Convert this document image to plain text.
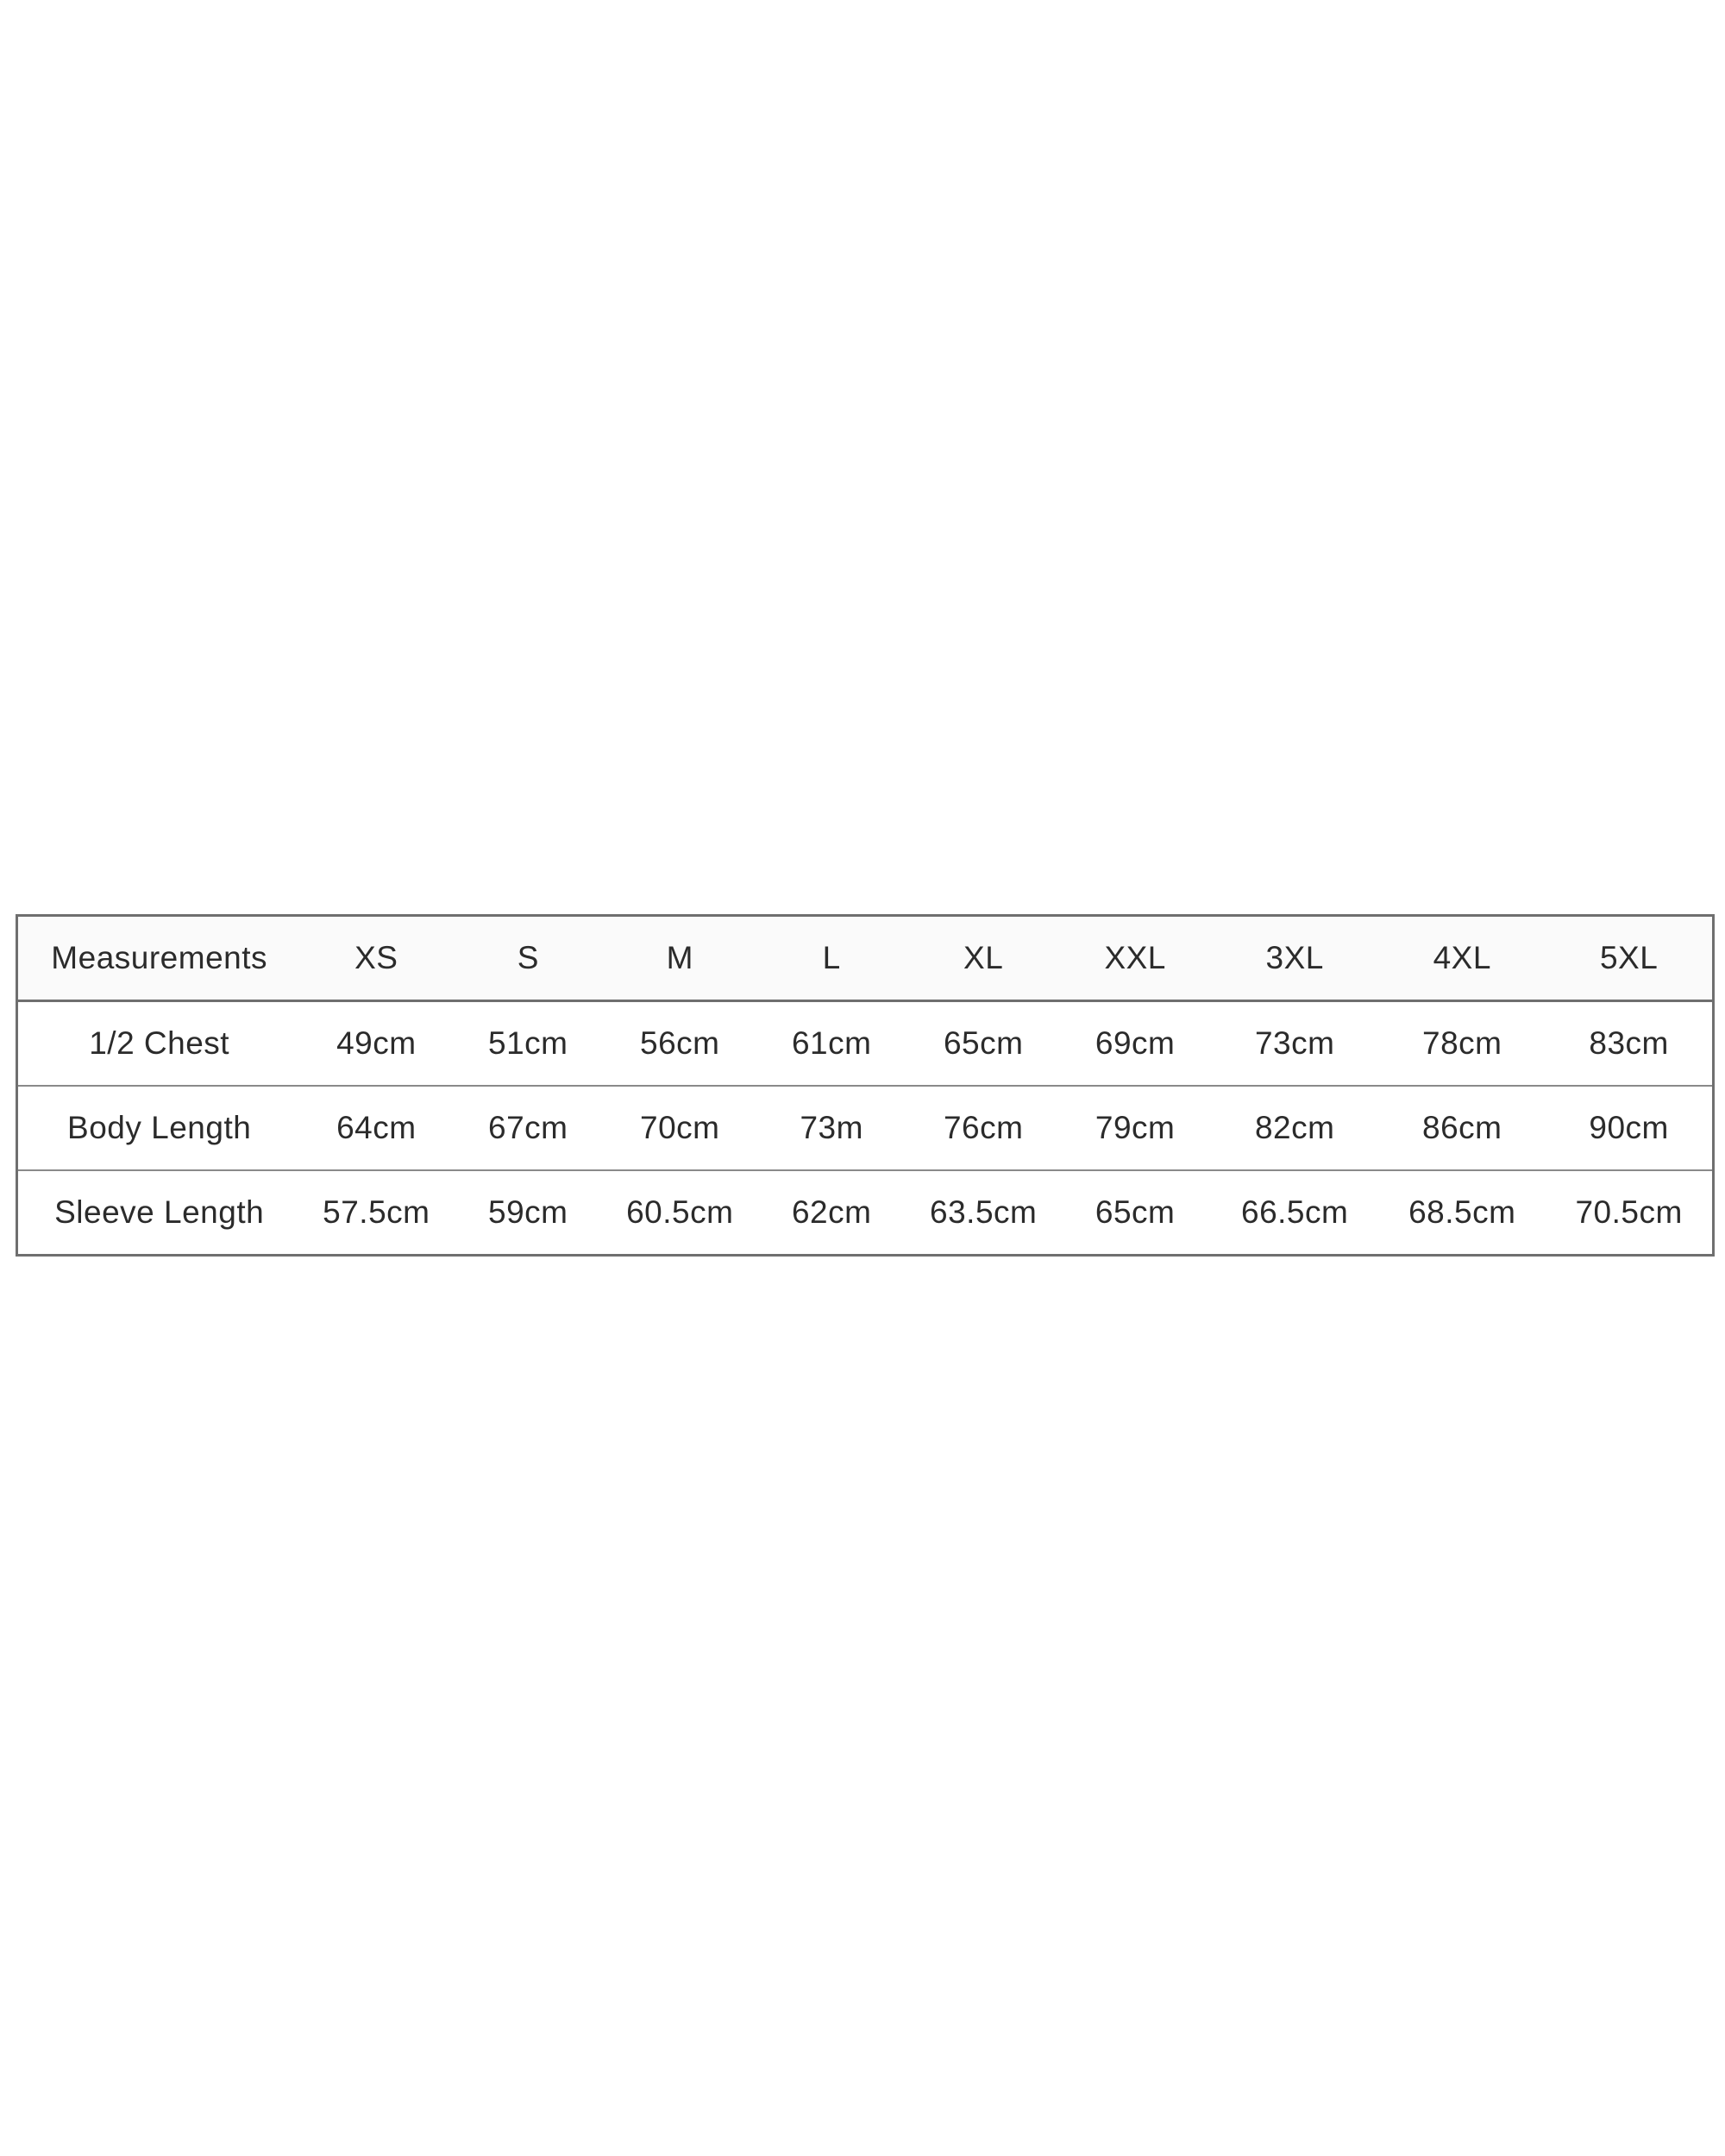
Measurements	XS	S	M	L	XL	XXL	3XL	4XL	5XL
1/2 Chest	49cm	51cm	56cm	61cm	65cm	69cm	73cm	78cm	83cm
Body Length	64cm	67cm	70cm	73m	76cm	79cm	82cm	86cm	90cm
Sleeve Length	57.5cm	59cm	60.5cm	62cm	63.5cm	65cm	66.5cm	68.5cm	70.5cm
